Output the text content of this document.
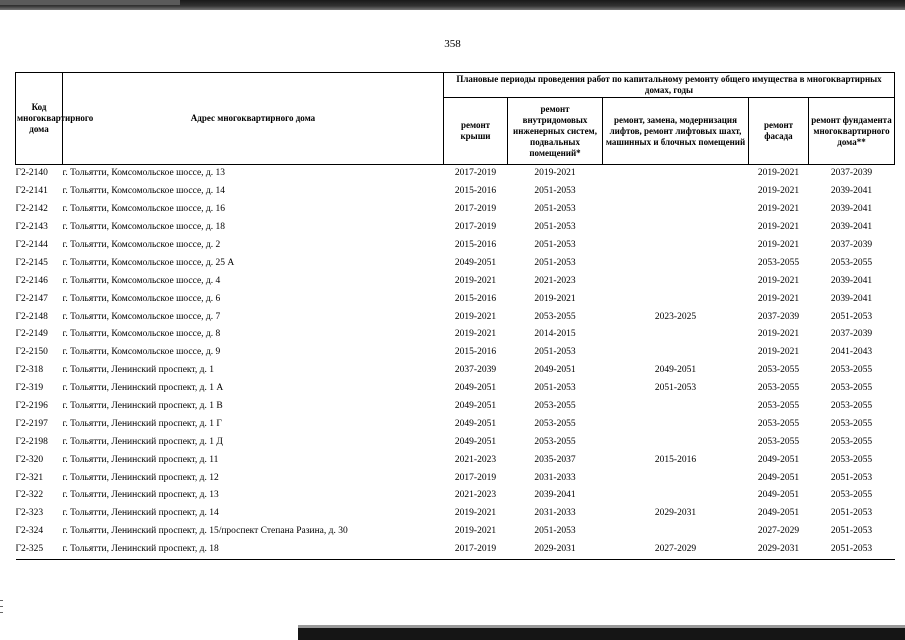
358
Код многоквартирного дома	Адрес многоквартирного дома	Плановые периоды проведения работ по капитальному ремонту общего имущества в многоквартирных домах, годы				
		ремонт крыши	ремонт внутридомовых инженерных систем, подвальных помещений*	ремонт, замена, модернизация лифтов, ремонт лифтовых шахт, машинных и блочных помещений	ремонт фасада	ремонт фундамента многоквартирного дома**
Г2-2140	г. Тольятти, Комсомольское шоссе, д. 13	2017-2019	2019-2021		2019-2021	2037-2039
Г2-2141	г. Тольятти, Комсомольское шоссе, д. 14	2015-2016	2051-2053		2019-2021	2039-2041
Г2-2142	г. Тольятти, Комсомольское шоссе, д. 16	2017-2019	2051-2053		2019-2021	2039-2041
Г2-2143	г. Тольятти, Комсомольское шоссе, д. 18	2017-2019	2051-2053		2019-2021	2039-2041
Г2-2144	г. Тольятти, Комсомольское шоссе, д. 2	2015-2016	2051-2053		2019-2021	2037-2039
Г2-2145	г. Тольятти, Комсомольское шоссе, д. 25 А	2049-2051	2051-2053		2053-2055	2053-2055
Г2-2146	г. Тольятти, Комсомольское шоссе, д. 4	2019-2021	2021-2023		2019-2021	2039-2041
Г2-2147	г. Тольятти, Комсомольское шоссе, д. 6	2015-2016	2019-2021		2019-2021	2039-2041
Г2-2148	г. Тольятти, Комсомольское шоссе, д. 7	2019-2021	2053-2055	2023-2025	2037-2039	2051-2053
Г2-2149	г. Тольятти, Комсомольское шоссе, д. 8	2019-2021	2014-2015		2019-2021	2037-2039
Г2-2150	г. Тольятти, Комсомольское шоссе, д. 9	2015-2016	2051-2053		2019-2021	2041-2043
Г2-318	г. Тольятти, Ленинский проспект, д. 1	2037-2039	2049-2051	2049-2051	2053-2055	2053-2055
Г2-319	г. Тольятти, Ленинский проспект, д. 1 А	2049-2051	2051-2053	2051-2053	2053-2055	2053-2055
Г2-2196	г. Тольятти, Ленинский проспект, д. 1 В	2049-2051	2053-2055		2053-2055	2053-2055
Г2-2197	г. Тольятти, Ленинский проспект, д. 1 Г	2049-2051	2053-2055		2053-2055	2053-2055
Г2-2198	г. Тольятти, Ленинский проспект, д. 1 Д	2049-2051	2053-2055		2053-2055	2053-2055
Г2-320	г. Тольятти, Ленинский проспект, д. 11	2021-2023	2035-2037	2015-2016	2049-2051	2053-2055
Г2-321	г. Тольятти, Ленинский проспект, д. 12	2017-2019	2031-2033		2049-2051	2051-2053
Г2-322	г. Тольятти, Ленинский проспект, д. 13	2021-2023	2039-2041		2049-2051	2053-2055
Г2-323	г. Тольятти, Ленинский проспект, д. 14	2019-2021	2031-2033	2029-2031	2049-2051	2051-2053
Г2-324	г. Тольятти, Ленинский проспект, д. 15/проспект Степана Разина, д. 30	2019-2021	2051-2053		2027-2029	2051-2053
Г2-325	г. Тольятти, Ленинский проспект, д. 18	2017-2019	2029-2031	2027-2029	2029-2031	2051-2053
